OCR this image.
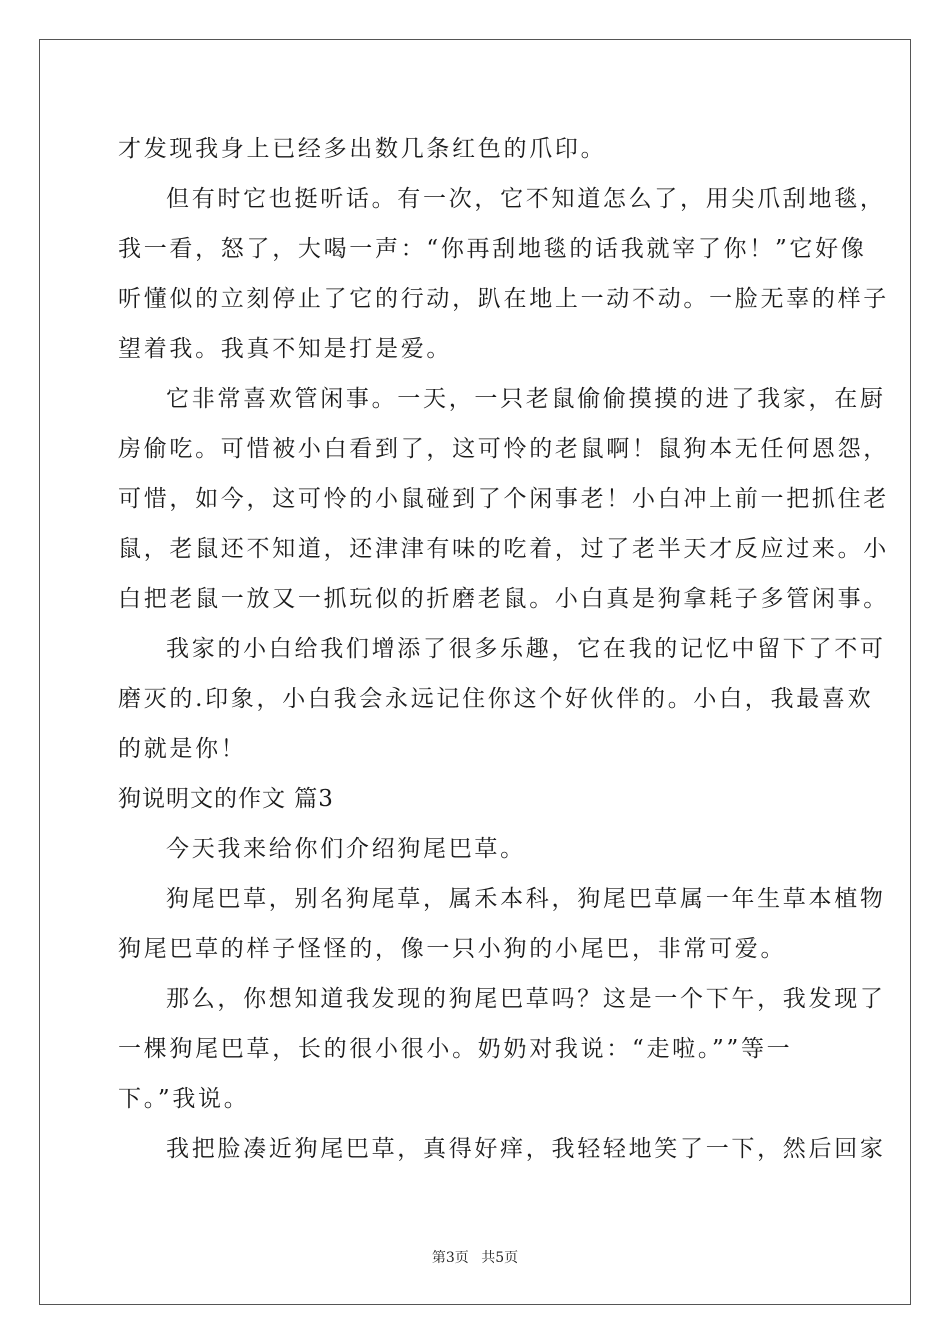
才发现我身上已经多出数几条红色的爪印。
但有时它也挺听话。有一次，它不知道怎么了，用尖爪刮地毯，
我一看，怒了，大喝一声：“你再刮地毯的话我就宰了你！”它好像
听懂似的立刻停止了它的行动，趴在地上一动不动。一脸无辜的样子
望着我。我真不知是打是爱。
它非常喜欢管闲事。一天，一只老鼠偷偷摸摸的进了我家，在厨
房偷吃。可惜被小白看到了，这可怜的老鼠啊！鼠狗本无任何恩怨，
可惜，如今，这可怜的小鼠碰到了个闲事老！小白冲上前一把抓住老
鼠，老鼠还不知道，还津津有味的吃着，过了老半天才反应过来。小
白把老鼠一放又一抓玩似的折磨老鼠。小白真是狗拿耗子多管闲事。
我家的小白给我们增添了很多乐趣，它在我的记忆中留下了不可
磨灭的.印象，小白我会永远记住你这个好伙伴的。小白，我最喜欢
的就是你！
狗说明文的作文 篇3
今天我来给你们介绍狗尾巴草。
狗尾巴草，别名狗尾草，属禾本科，狗尾巴草属一年生草本植物
狗尾巴草的样子怪怪的，像一只小狗的小尾巴，非常可爱。
那么，你想知道我发现的狗尾巴草吗？这是一个下午，我发现了
一棵狗尾巴草，长的很小很小。奶奶对我说：“走啦。””等一
下。”我说。
我把脸凑近狗尾巴草，真得好痒，我轻轻地笑了一下，然后回家
第3页 共5页
